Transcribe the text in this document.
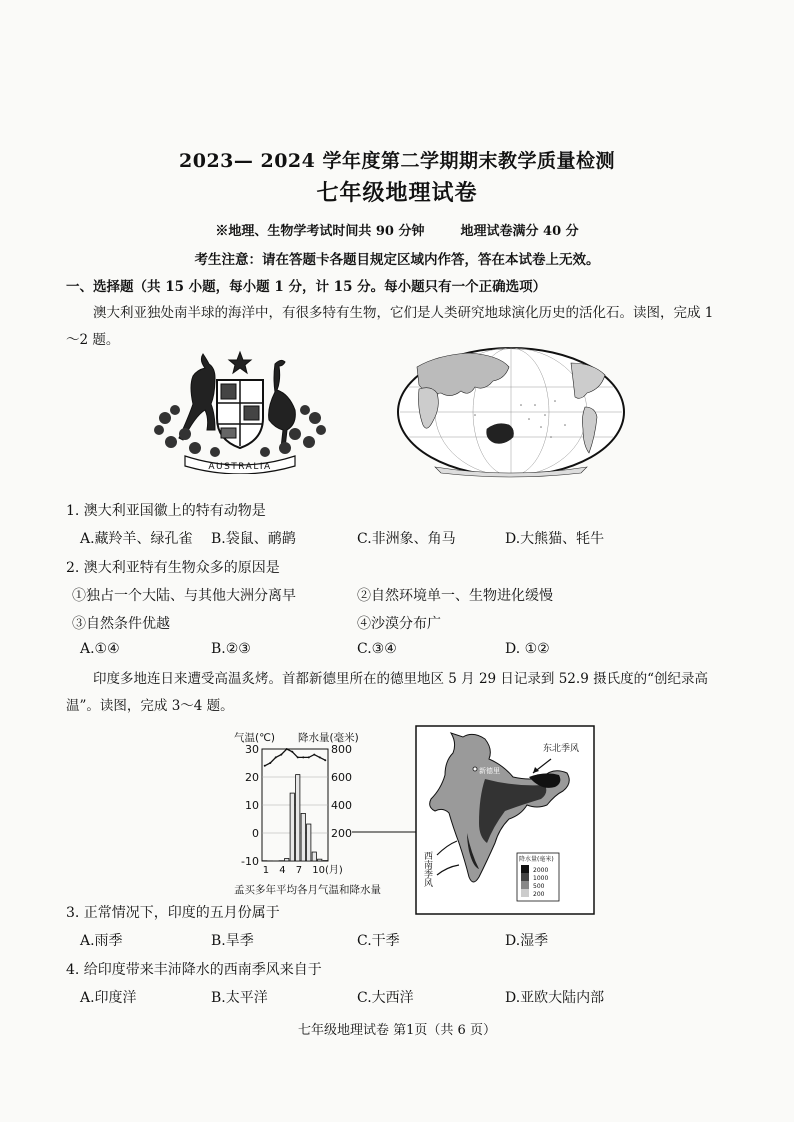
2023— 2024 学年度第二学期期末教学质量检测
七年级地理试卷
※地理、生物学考试时间共 90 分钟	地理试卷满分 40 分
考生注意：请在答题卡各题目规定区域内作答，答在本试卷上无效。
一、选择题（共 15 小题，每小题 1 分，计 15 分。每小题只有一个正确选项）
澳大利亚独处南半球的海洋中，有很多特有生物，它们是人类研究地球演化历史的活化石。读图，完成 1～2 题。
AUSTRALIA
1. 澳大利亚国徽上的特有动物是
A.藏羚羊、绿孔雀 B.袋鼠、鸸鹋	C.非洲象、角马	D.大熊猫、牦牛
2. 澳大利亚特有生物众多的原因是
①独占一个大陆、与其他大洲分离早	②自然环境单一、生物进化缓慢
③自然条件优越	④沙漠分布广
A.①④	B.②③	C.③④	D. ①②
印度多地连日来遭受高温炙烤。首都新德里所在的德里地区 5 月 29 日记录到 52.9 摄氏度的“创纪录高温”。读图，完成 3～4 题。
气温(℃) 降水量(毫米)
30
20
10
0
-10
800
600
400
200
1 4 7 10(月)
孟买多年平均各月气温和降水量
新德里
东北季风
西南季风	降水量(毫米)
2000
1000
500
200
3. 正常情况下，印度的五月份属于
A.雨季	B.旱季	C.干季	D.湿季
4. 给印度带来丰沛降水的西南季风来自于
A.印度洋	B.太平洋	C.大西洋	D.亚欧大陆内部
七年级地理试卷 第1页（共 6 页）
